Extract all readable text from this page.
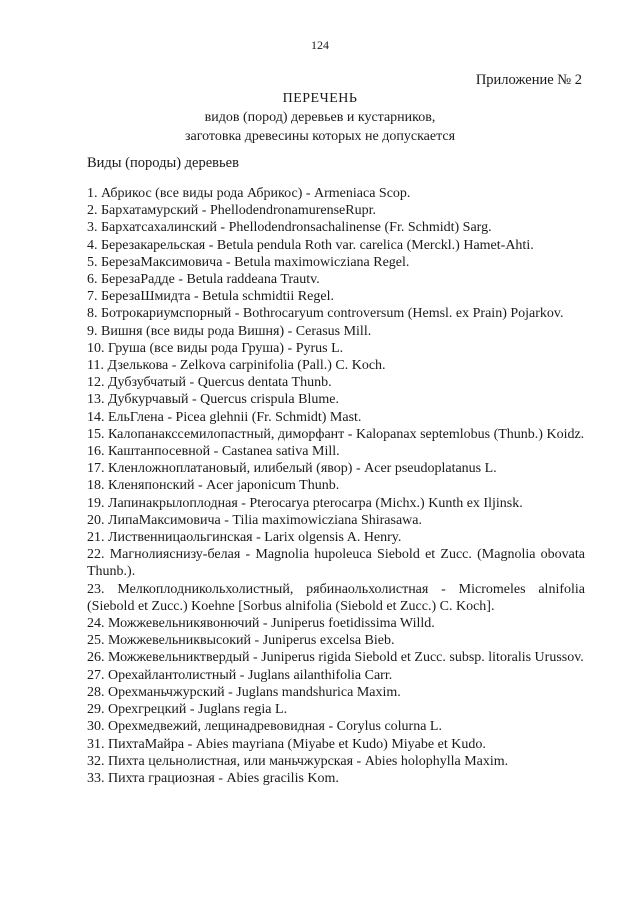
124
Приложение № 2
ПЕРЕЧЕНЬ
видов (пород) деревьев и кустарников,
заготовка древесины которых не допускается
Виды (породы) деревьев
1. Абрикос (все виды рода Абрикос) - Armeniaca Scop.
2. Бархатамурский - PhellodendronamurenseRupr.
3. Бархатсахалинский - Phellodendronsachalinense (Fr. Schmidt) Sarg.
4. Березакарельская - Betula pendula Roth var. carelica (Merckl.) Hamet-Ahti.
5. БерезаМаксимовича - Betula maximowicziana Regel.
6. БерезаРадде - Betula raddeana Trautv.
7. БерезаШмидта - Betula schmidtii Regel.
8. Ботрокариумспорный - Bothrocaryum controversum (Hemsl. ex Prain) Pojarkov.
9. Вишня (все виды рода Вишня) - Cerasus Mill.
10. Груша (все виды рода Груша) - Pyrus L.
11. Дзелькова - Zelkova carpinifolia (Pall.) C. Koch.
12. Дубзубчатый - Quercus dentata Thunb.
13. Дубкурчавый - Quercus crispula Blume.
14. ЕльГлена - Picea glehnii (Fr. Schmidt) Mast.
15. Калопанакссемилопастный, диморфант - Kalopanax septemlobus (Thunb.) Koidz.
16. Каштанпосевной - Castanea sativa Mill.
17. Кленложноплатановый, илибелый (явор) - Acer pseudoplatanus L.
18. Кленяпонский - Acer japonicum Thunb.
19. Лапинакрылоплодная - Pterocarya pterocarpa (Michx.) Kunth ex Iljinsk.
20. ЛипаМаксимовича - Tilia maximowicziana Shirasawa.
21. Лиственницаольгинская - Larix olgensis A. Henry.
22. Магнолияснизу-белая - Magnolia hupoleuca Siebold et Zucc. (Magnolia obovata Thunb.).
23. Мелкоплодникольхолистный, рябинаольхолистная - Micromeles alnifolia (Siebold et Zucc.) Koehne [Sorbus alnifolia (Siebold et Zucc.) C. Koch].
24. Можжевельникявонючий - Juniperus foetidissima Willd.
25. Можжевельниквысокий - Juniperus excelsa Bieb.
26. Можжевельниктвердый - Juniperus rigida Siebold et Zucc. subsp. litoralis Urussov.
27. Орехайлантолистный - Juglans ailanthifolia Carr.
28. Орехманьчжурский - Juglans mandshurica Maxim.
29. Орехгрецкий - Juglans regia L.
30. Орехмедвежий, лещинадревовидная - Corylus colurna L.
31. ПихтаМайра - Abies mayriana (Miyabe et Kudo) Miyabe et Kudo.
32. Пихта цельнолистная, или маньчжурская - Abies holophylla Maxim.
33. Пихта грациозная - Abies gracilis Kom.
